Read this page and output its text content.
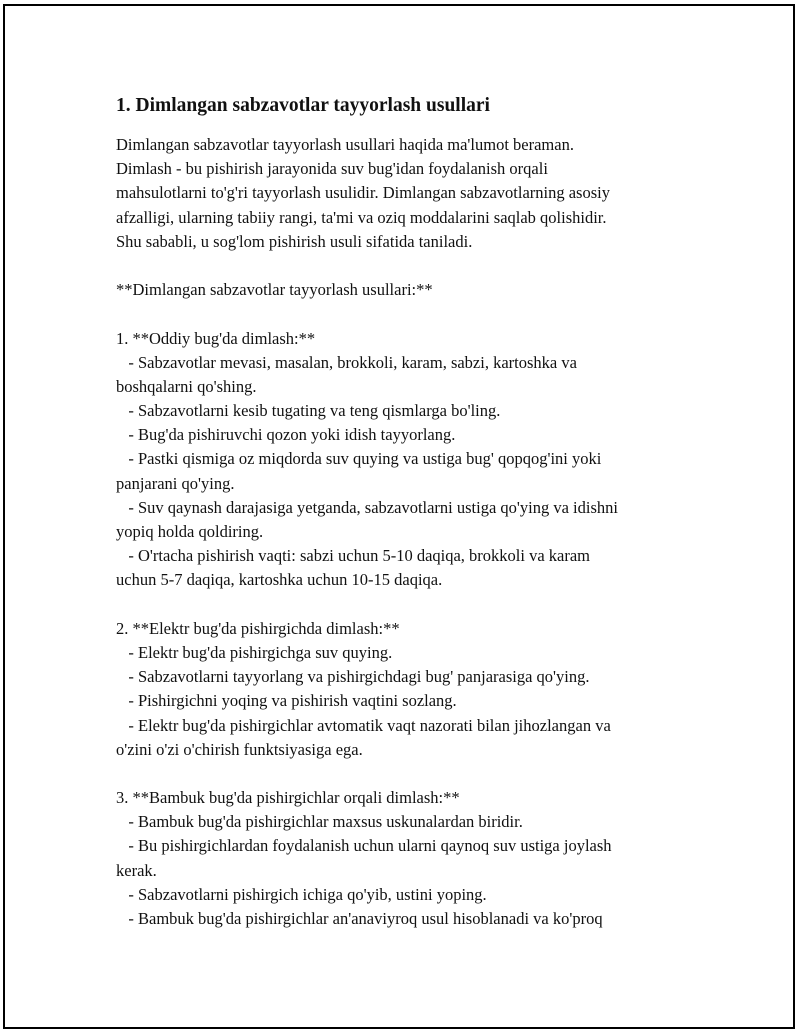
1. Dimlangan sabzavotlar tayyorlash usullari
Dimlangan sabzavotlar tayyorlash usullari haqida ma'lumot beraman.
Dimlash - bu pishirish jarayonida suv bug'idan foydalanish orqali
mahsulotlarni to'g'ri tayyorlash usulidir. Dimlangan sabzavotlarning asosiy
afzalligi, ularning tabiiy rangi, ta'mi va oziq moddalarini saqlab qolishidir.
Shu sababli, u sog'lom pishirish usuli sifatida taniladi.
**Dimlangan sabzavotlar tayyorlash usullari:**
1. **Oddiy bug'da dimlash:**
- Sabzavotlar mevasi, masalan, brokkoli, karam, sabzi, kartoshka va
boshqalarni qo'shing.
- Sabzavotlarni kesib tugating va teng qismlarga bo'ling.
- Bug'da pishiruvchi qozon yoki idish tayyorlang.
- Pastki qismiga oz miqdorda suv quying va ustiga bug' qopqog'ini yoki
panjarani qo'ying.
- Suv qaynash darajasiga yetganda, sabzavotlarni ustiga qo'ying va idishni
yopiq holda qoldiring.
- O'rtacha pishirish vaqti: sabzi uchun 5-10 daqiqa, brokkoli va karam
uchun 5-7 daqiqa, kartoshka uchun 10-15 daqiqa.
2. **Elektr bug'da pishirgichda dimlash:**
- Elektr bug'da pishirgichga suv quying.
- Sabzavotlarni tayyorlang va pishirgichdagi bug' panjarasiga qo'ying.
- Pishirgichni yoqing va pishirish vaqtini sozlang.
- Elektr bug'da pishirgichlar avtomatik vaqt nazorati bilan jihozlangan va
o'zini o'zi o'chirish funktsiyasiga ega.
3. **Bambuk bug'da pishirgichlar orqali dimlash:**
- Bambuk bug'da pishirgichlar maxsus uskunalardan biridir.
- Bu pishirgichlardan foydalanish uchun ularni qaynoq suv ustiga joylash
kerak.
- Sabzavotlarni pishirgich ichiga qo'yib, ustini yoping.
- Bambuk bug'da pishirgichlar an'anaviyroq usul hisoblanadi va ko'proq
